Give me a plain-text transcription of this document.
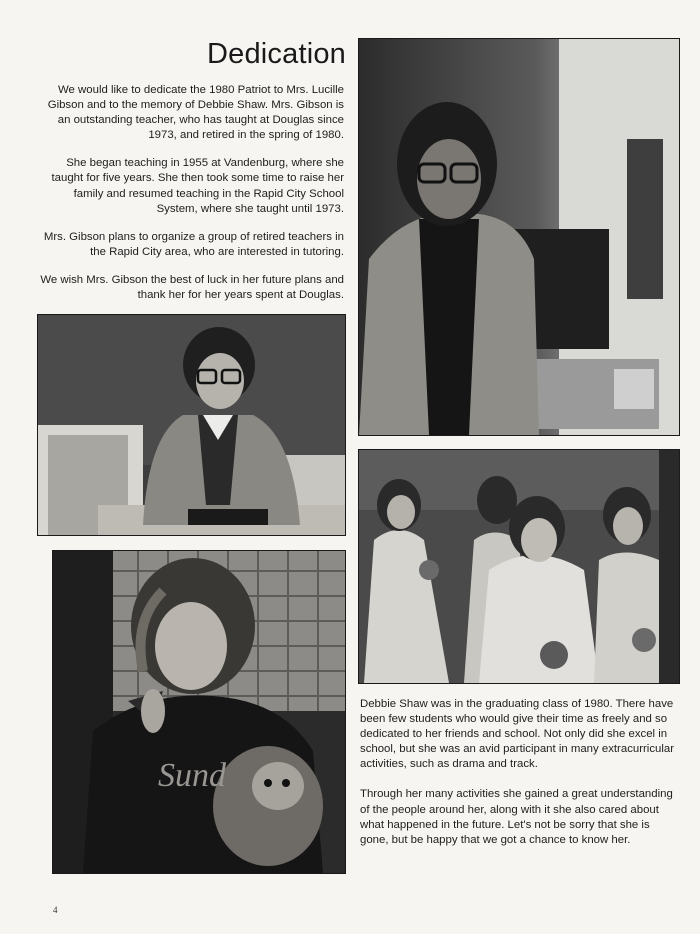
Dedication

We would like to dedicate the 1980 Patriot to Mrs. Lucille Gibson and to the memory of Debbie Shaw. Mrs. Gibson is an outstanding teacher, who has taught at Douglas since 1973, and retired in the spring of 1980.

She began teaching in 1955 at Vandenburg, where she taught for five years. She then took some time to raise her family and resumed teaching in the Rapid City School System, where she taught until 1973.

Mrs. Gibson plans to organize a group of retired teachers in the Rapid City area, who are interested in tutoring.

We wish Mrs. Gibson the best of luck in her future plans and thank her for her years spent at Douglas.

Sund

Debbie Shaw was in the graduating class of 1980. There have been few students who would give their time as freely and so dedicated to her friends and school. Not only did she excel in school, but she was an avid participant in many extracurricular activities, such as drama and track.

Through her many activities she gained a great understanding of the people around her, along with it she also cared about what happened in the future. Let's not be sorry that she is gone, but be happy that we got a chance to know her.

4
